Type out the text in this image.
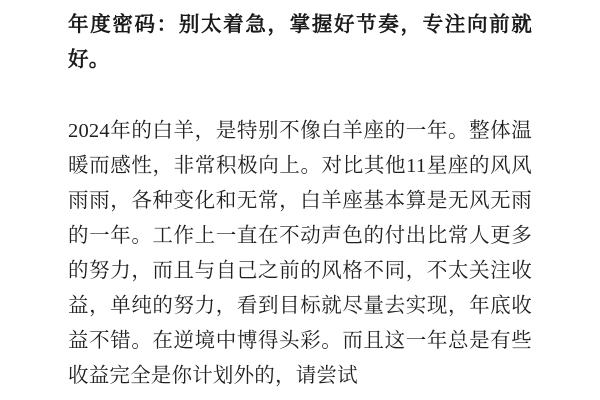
年度密码：别太着急，掌握好节奏，专注向前就好。

2024年的白羊，是特别不像白羊座的一年。整体温暖而感性，非常积极向上。对比其他11星座的风风雨雨，各种变化和无常，白羊座基本算是无风无雨的一年。工作上一直在不动声色的付出比常人更多的努力，而且与自己之前的风格不同，不太关注收益，单纯的努力，看到目标就尽量去实现，年底收益不错。在逆境中博得头彩。而且这一年总是有些收益完全是你计划外的，请尝试
